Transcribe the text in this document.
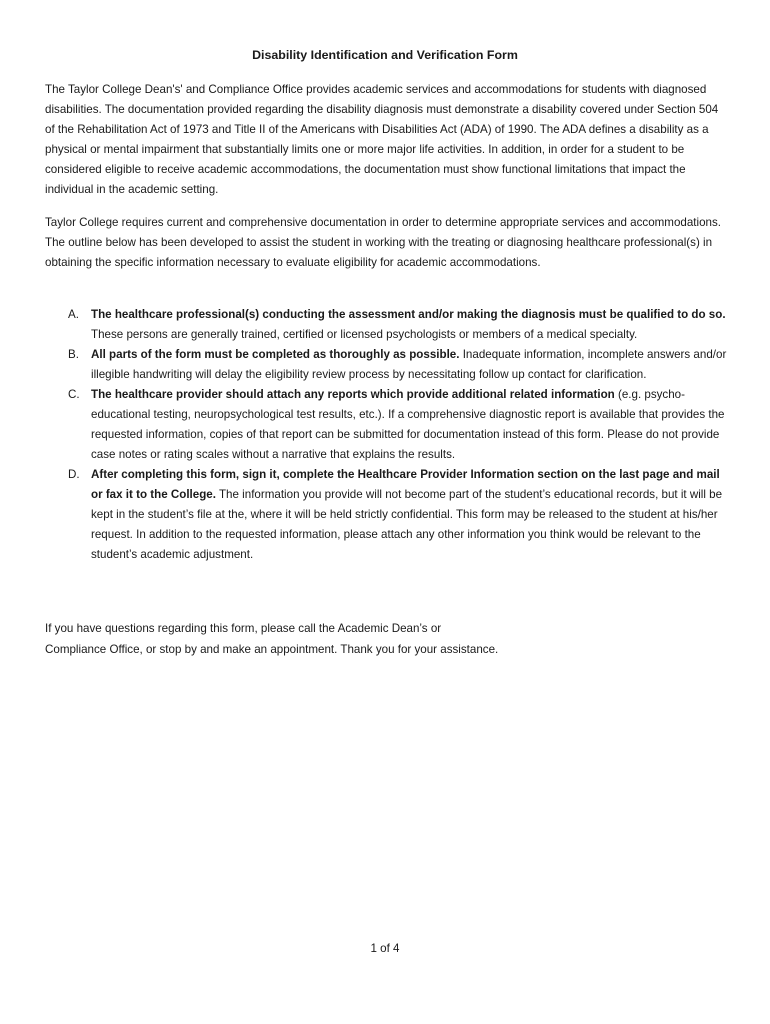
Disability Identification and Verification Form

The Taylor College Dean's' and Compliance Office provides academic services and accommodations for students with diagnosed disabilities. The documentation provided regarding the disability diagnosis must demonstrate a disability covered under Section 504 of the Rehabilitation Act of 1973 and Title II of the Americans with Disabilities Act (ADA) of 1990. The ADA defines a disability as a physical or mental impairment that substantially limits one or more major life activities. In addition, in order for a student to be considered eligible to receive academic accommodations, the documentation must show functional limitations that impact the individual in the academic setting.

Taylor College requires current and comprehensive documentation in order to determine appropriate services and accommodations. The outline below has been developed to assist the student in working with the treating or diagnosing healthcare professional(s) in obtaining the specific information necessary to evaluate eligibility for academic accommodations.

A. The healthcare professional(s) conducting the assessment and/or making the diagnosis must be qualified to do so. These persons are generally trained, certified or licensed psychologists or members of a medical specialty.
B. All parts of the form must be completed as thoroughly as possible. Inadequate information, incomplete answers and/or illegible handwriting will delay the eligibility review process by necessitating follow up contact for clarification.
C. The healthcare provider should attach any reports which provide additional related information (e.g. psycho-educational testing, neuropsychological test results, etc.). If a comprehensive diagnostic report is available that provides the requested information, copies of that report can be submitted for documentation instead of this form. Please do not provide case notes or rating scales without a narrative that explains the results.
D. After completing this form, sign it, complete the Healthcare Provider Information section on the last page and mail or fax it to the College. The information you provide will not become part of the student’s educational records, but it will be kept in the student’s file at the, where it will be held strictly confidential. This form may be released to the student at his/her request. In addition to the requested information, please attach any other information you think would be relevant to the student’s academic adjustment.

If you have questions regarding this form, please call the Academic Dean’s or
Compliance Office, or stop by and make an appointment. Thank you for your assistance.

1 of 4
